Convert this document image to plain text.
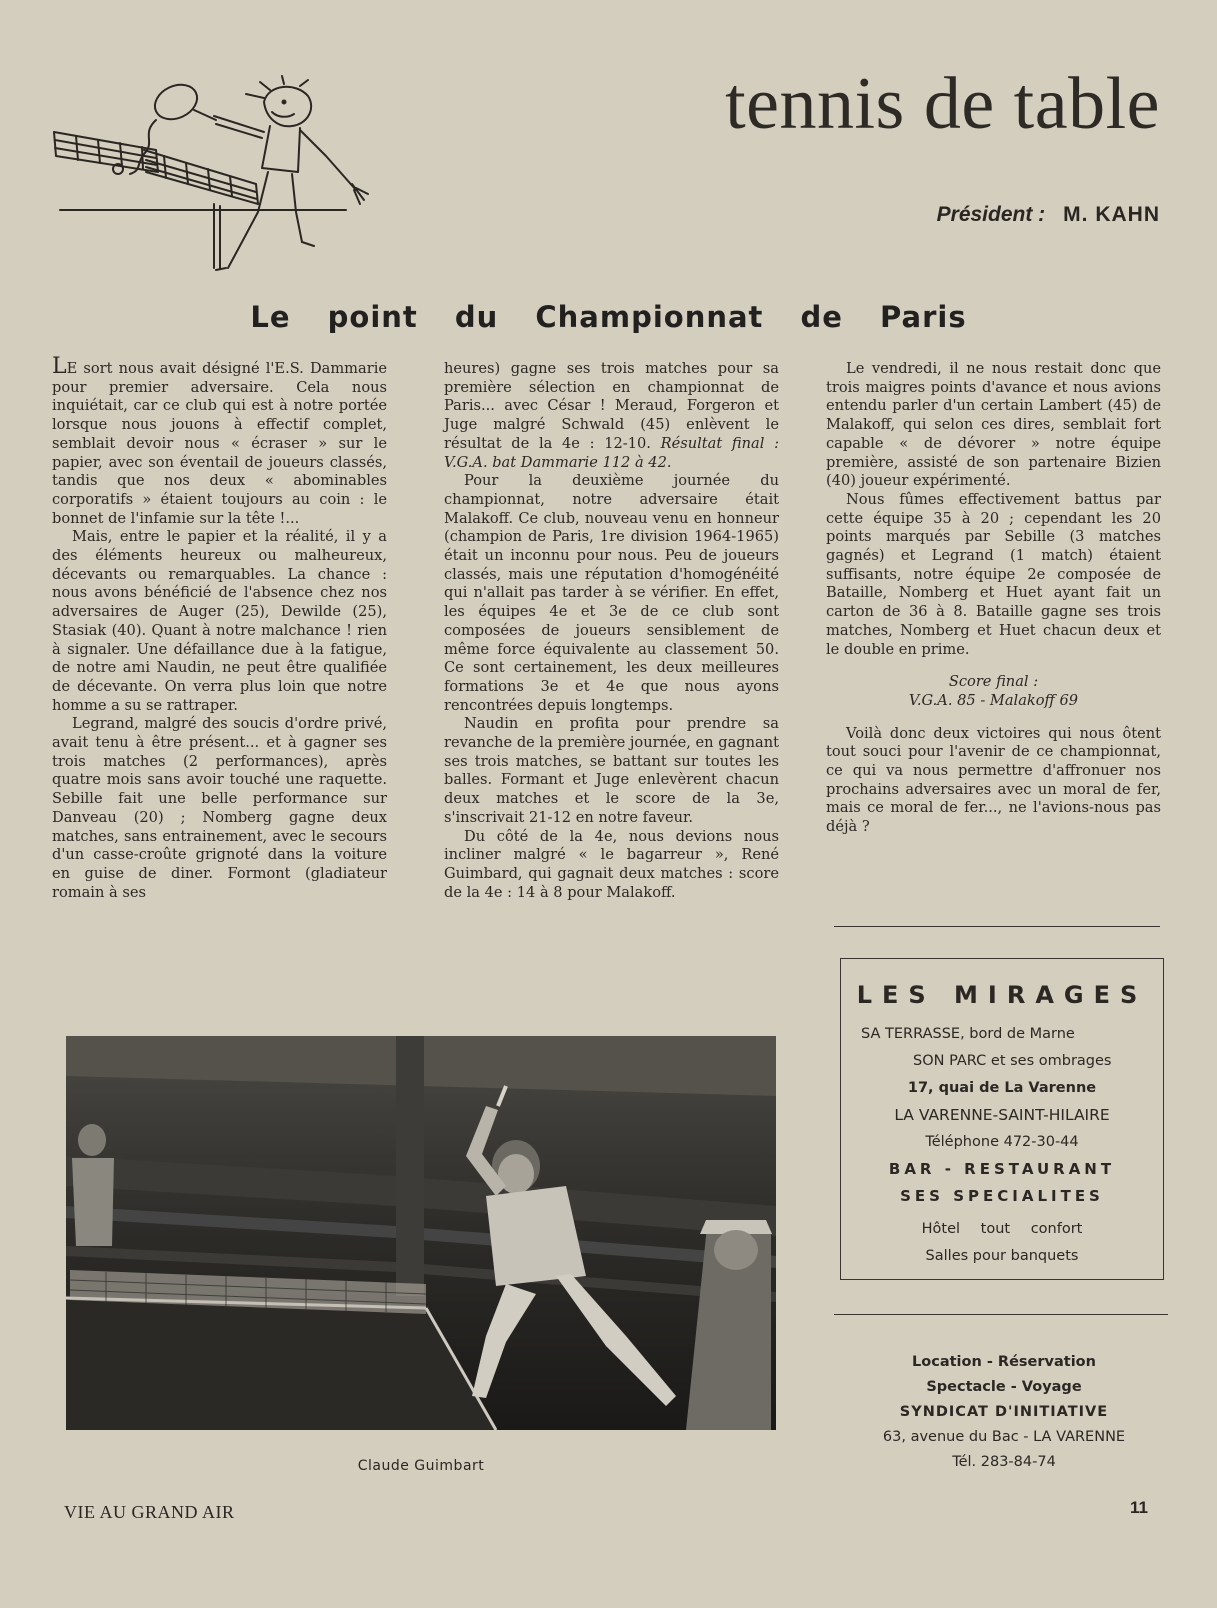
tennis de table
Président : M. KAHN
Le point du Championnat de Paris

LE sort nous avait désigné l'E.S. Dammarie pour premier adversaire. Cela nous inquiétait, car ce club qui est à notre portée lorsque nous jouons à effectif complet, semblait devoir nous « écraser » sur le papier, avec son éventail de joueurs classés, tandis que nos deux « abominables corporatifs » étaient toujours au coin : le bonnet de l'infamie sur la tête !...

Mais, entre le papier et la réalité, il y a des éléments heureux ou malheureux, décevants ou remarquables. La chance : nous avons bénéficié de l'absence chez nos adversaires de Auger (25), Dewilde (25), Stasiak (40). Quant à notre malchance ! rien à signaler. Une défaillance due à la fatigue, de notre ami Naudin, ne peut être qualifiée de décevante. On verra plus loin que notre homme a su se rattraper.

Legrand, malgré des soucis d'ordre privé, avait tenu à être présent... et à gagner ses trois matches (2 performances), après quatre mois sans avoir touché une raquette. Sebille fait une belle performance sur Danveau (20) ; Nomberg gagne deux matches, sans entrainement, avec le secours d'un casse-croûte grignoté dans la voiture en guise de diner. Formont (gladiateur romain à ses

heures) gagne ses trois matches pour sa première sélection en championnat de Paris... avec César ! Meraud, Forgeron et Juge malgré Schwald (45) enlèvent le résultat de la 4e : 12-10. Résultat final : V.G.A. bat Dammarie 112 à 42.

Pour la deuxième journée du championnat, notre adversaire était Malakoff. Ce club, nouveau venu en honneur (champion de Paris, 1re division 1964-1965) était un inconnu pour nous. Peu de joueurs classés, mais une réputation d'homogénéité qui n'allait pas tarder à se vérifier. En effet, les équipes 4e et 3e de ce club sont composées de joueurs sensiblement de même force équivalente au classement 50. Ce sont certainement, les deux meilleures formations 3e et 4e que nous ayons rencontrées depuis longtemps.

Naudin en profita pour prendre sa revanche de la première journée, en gagnant ses trois matches, se battant sur toutes les balles. Formant et Juge enlevèrent chacun deux matches et le score de la 3e, s'inscrivait 21-12 en notre faveur.

Du côté de la 4e, nous devions nous incliner malgré « le bagarreur », René Guimbard, qui gagnait deux matches : score de la 4e : 14 à 8 pour Malakoff.

Le vendredi, il ne nous restait donc que trois maigres points d'avance et nous avions entendu parler d'un certain Lambert (45) de Malakoff, qui selon ces dires, semblait fort capable « de dévorer » notre équipe première, assisté de son partenaire Bizien (40) joueur expérimenté.

Nous fûmes effectivement battus par cette équipe 35 à 20 ; cependant les 20 points marqués par Sebille (3 matches gagnés) et Legrand (1 match) étaient suffisants, notre équipe 2e composée de Bataille, Nomberg et Huet ayant fait un carton de 36 à 8. Bataille gagne ses trois matches, Nomberg et Huet chacun deux et le double en prime.

Score final :
V.G.A. 85 - Malakoff 69

Voilà donc deux victoires qui nous ôtent tout souci pour l'avenir de ce championnat, ce qui va nous permettre d'affronuer nos prochains adversaires avec un moral de fer, mais ce moral de fer..., ne l'avions-nous pas déjà ?

LES MIRAGES
SA TERRASSE, bord de Marne
SON PARC et ses ombrages
17, quai de La Varenne
LA VARENNE-SAINT-HILAIRE
Téléphone 472-30-44
BAR - RESTAURANT
SES SPECIALITES
Hôtel tout confort
Salles pour banquets
Location - Réservation
Spectacle - Voyage
SYNDICAT D'INITIATIVE
63, avenue du Bac - LA VARENNE
Tél. 283-84-74
Claude Guimbart
VIE AU GRAND AIR	11
